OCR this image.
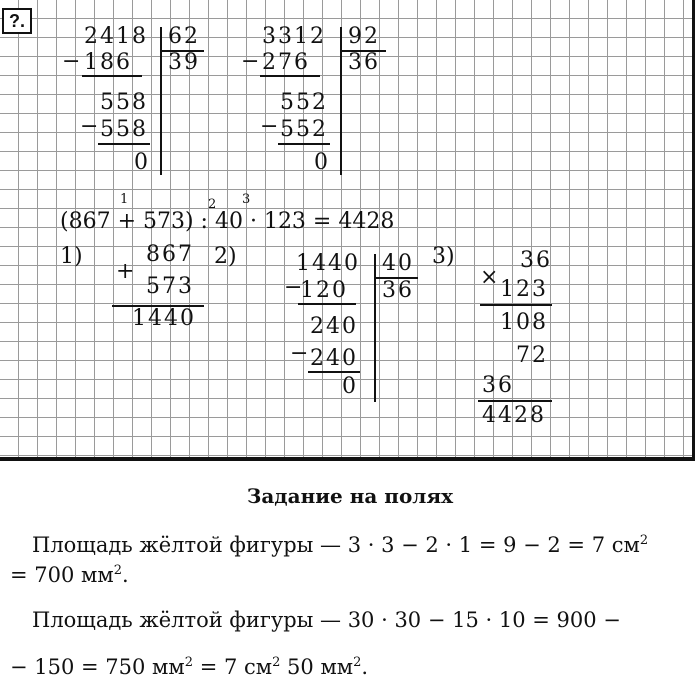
?.
2418 62
− 186 39
558
− 558
0
3312 92
− 276 36
552
− 552
0
1	2 3
(867 + 573) : 40 · 123 = 4428
1)	2)	3)
867
+
573
1440
1440 40
−
120 36
240
− 240
0
36
× 123
108
72
36
4428
Задание на полях
Площадь жёлтой фигуры — 3 · 3 − 2 · 1 = 9 − 2 = 7 $см^2$
= 700 $мм^2$.
Площадь жёлтой фигуры — 30 · 30 − 15 · 10 = 900 −
− 150 = 750 $мм^2 = 7$ $см^2$ 50 $мм^2$.
